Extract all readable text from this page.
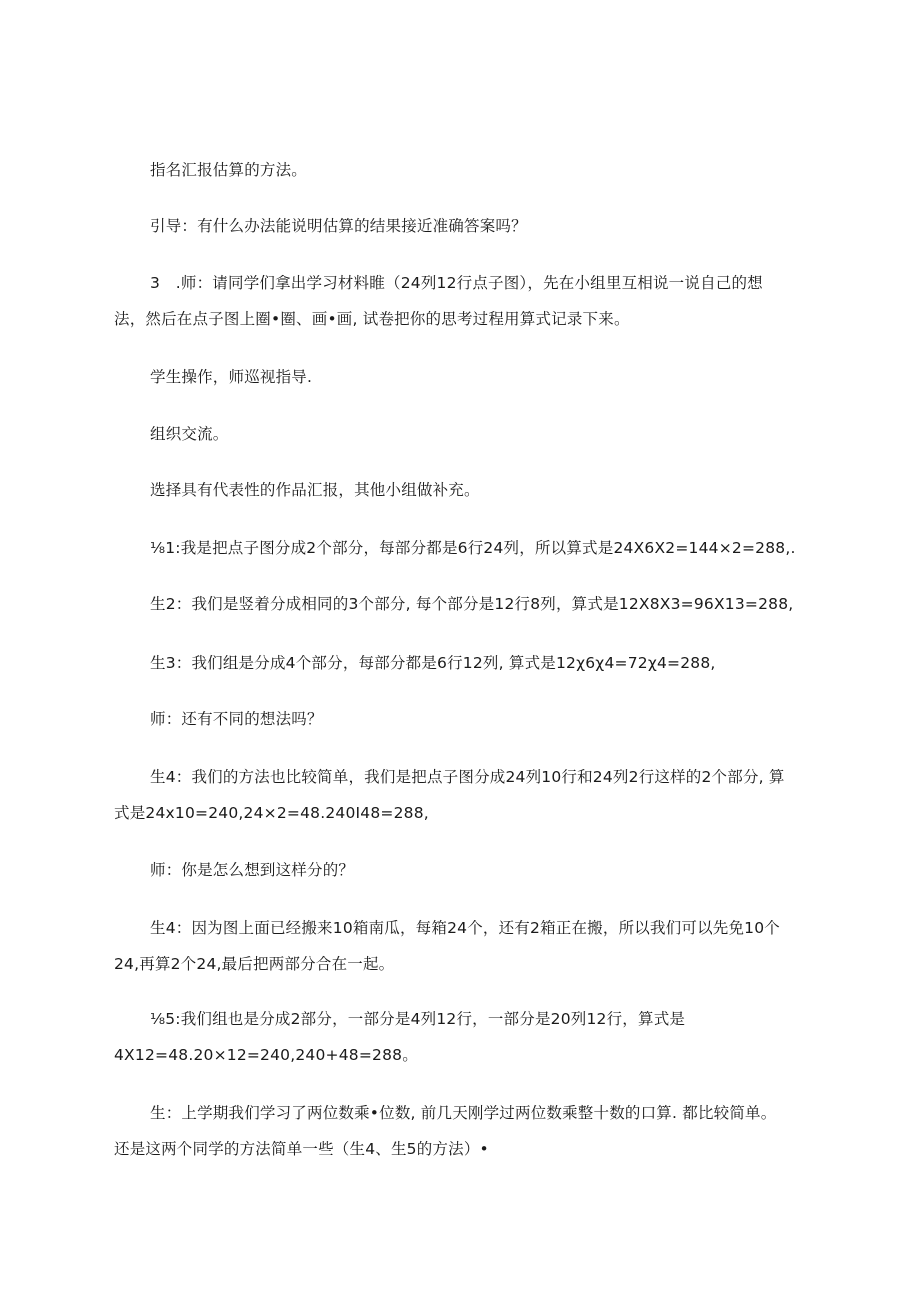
指名汇报估算的方法。

引导：有什么办法能说明估算的结果接近准确答案吗？

3　.师：请同学们拿出学习材料睢（24列12行点子图），先在小组里互相说一说自己的想
法，然后在点子图上圈•圈、画•画, 试卷把你的思考过程用算式记录下来。

学生操作，师巡视指导.

组织交流。

选择具有代表性的作品汇报，其他小组做补充。

⅛1:我是把点子图分成2个部分，每部分都是6行24列，所以算式是24X6X2=144×2=288,.

生2：我们是竖着分成相同的3个部分, 每个部分是12行8列，算式是12X8X3=96X13=288,

生3：我们组是分成4个部分，每部分都是6行12列, 算式是12χ6χ4=72χ4=288,

师：还有不同的想法吗？

生4：我们的方法也比较简单，我们是把点子图分成24列10行和24列2行这样的2个部分, 算
式是24x10=240,24×2=48.240I48=288,

师：你是怎么想到这样分的？

生4：因为图上面已经搬来10箱南瓜，每箱24个，还有2箱正在搬，所以我们可以先免10个
24,再算2个24,最后把两部分合在一起。

⅛5:我们组也是分成2部分，一部分是4列12行，一部分是20列12行，算式是
4X12=48.20×12=240,240+48=288。

生：上学期我们学习了两位数乘•位数, 前几天刚学过两位数乘整十数的口算. 都比较简单。
还是这两个同学的方法简单一些（生4、生5的方法）•
